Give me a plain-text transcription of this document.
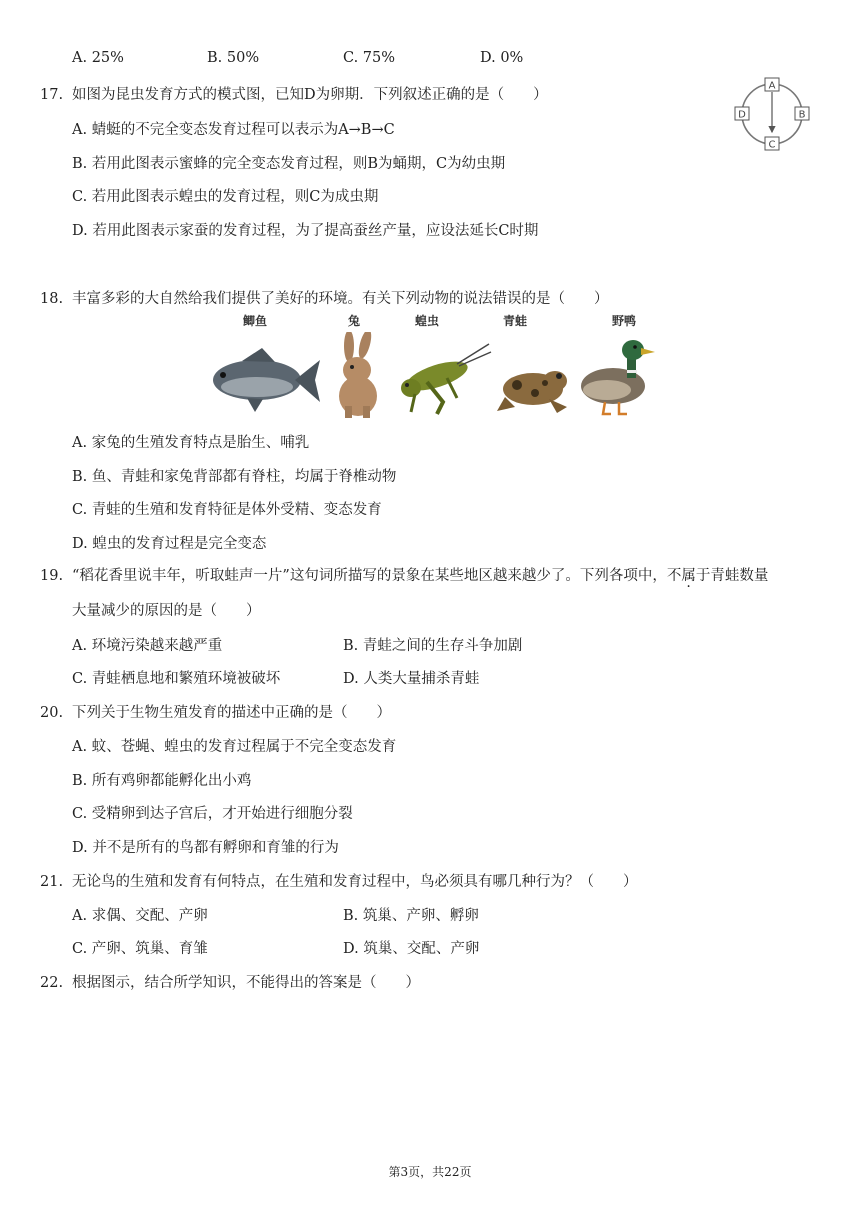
A. 25%	B. 50%	C. 75%	D. 0%
17. 如图为昆虫发育方式的模式图，已知D为卵期．下列叙述正确的是（　　）
A. 蜻蜓的不完全变态发育过程可以表示为A→B→C
B. 若用此图表示蜜蜂的完全变态发育过程，则B为蛹期，C为幼虫期
C. 若用此图表示蝗虫的发育过程，则C为成虫期
D. 若用此图表示家蚕的发育过程，为了提高蚕丝产量，应设法延长C时期
A
B
C
D
18. 丰富多彩的大自然给我们提供了美好的环境。有关下列动物的说法错误的是（　　）
鲫鱼	兔	蝗虫	青蛙	野鸭
A. 家兔的生殖发育特点是胎生、哺乳
B. 鱼、青蛙和家兔背部都有脊柱，均属于脊椎动物
C. 青蛙的生殖和发育特征是体外受精、变态发育
D. 蝗虫的发育过程是完全变态
19. “稻花香里说丰年，听取蛙声一片”这句词所描写的景象在某些地区越来越少了。下列各项中，不属于青蛙数量
大量减少的原因的是（　　）
A. 环境污染越来越严重	B. 青蛙之间的生存斗争加剧
C. 青蛙栖息地和繁殖环境被破坏	D. 人类大量捕杀青蛙
20. 下列关于生物生殖发育的描述中正确的是（　　）
A. 蚊、苍蝇、蝗虫的发育过程属于不完全变态发育
B. 所有鸡卵都能孵化出小鸡
C. 受精卵到达子宫后，才开始进行细胞分裂
D. 并不是所有的鸟都有孵卵和育雏的行为
21. 无论鸟的生殖和发育有何特点，在生殖和发育过程中，鸟必须具有哪几种行为？（　　）
A. 求偶、交配、产卵	B. 筑巢、产卵、孵卵
C. 产卵、筑巢、育雏	D. 筑巢、交配、产卵
22. 根据图示，结合所学知识，不能得出的答案是（　　）
第3页，共22页
